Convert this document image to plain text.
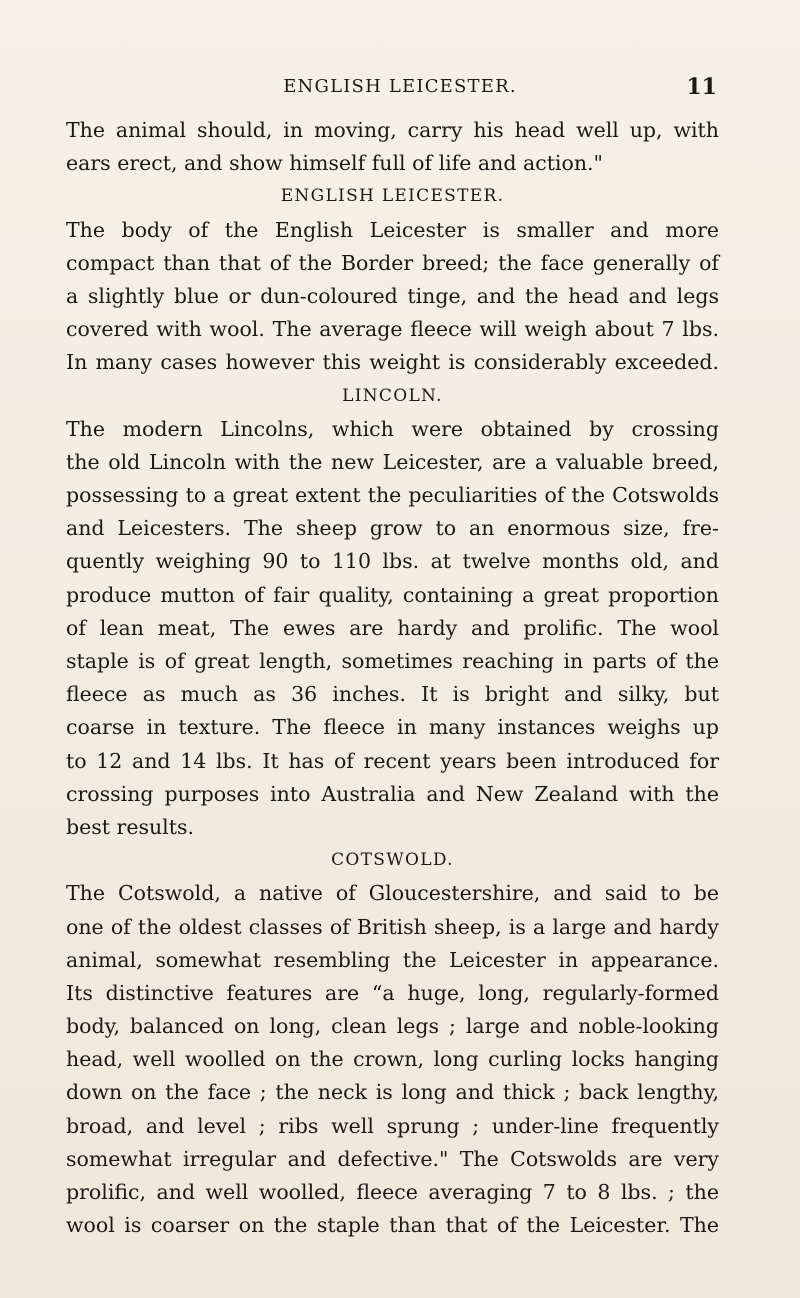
ENGLISH LEICESTER.	11
The animal should, in moving, carry his head well up, with
ears erect, and show himself full of life and action."
ENGLISH LEICESTER.
The body of the English Leicester is smaller and more
compact than that of the Border breed; the face generally of
a slightly blue or dun-coloured tinge, and the head and legs
covered with wool. The average fleece will weigh about 7 lbs.
In many cases however this weight is considerably exceeded.
LINCOLN.
The modern Lincolns, which were obtained by crossing
the old Lincoln with the new Leicester, are a valuable breed,
possessing to a great extent the peculiarities of the Cotswolds
and Leicesters. The sheep grow to an enormous size, fre-
quently weighing 90 to 110 lbs. at twelve months old, and
produce mutton of fair quality, containing a great proportion
of lean meat, The ewes are hardy and prolific. The wool
staple is of great length, sometimes reaching in parts of the
fleece as much as 36 inches. It is bright and silky, but
coarse in texture. The fleece in many instances weighs up
to 12 and 14 lbs. It has of recent years been introduced for
crossing purposes into Australia and New Zealand with the
best results.
COTSWOLD.
The Cotswold, a native of Gloucestershire, and said to be
one of the oldest classes of British sheep, is a large and hardy
animal, somewhat resembling the Leicester in appearance.
Its distinctive features are “a huge, long, regularly-formed
body, balanced on long, clean legs ; large and noble-looking
head, well woolled on the crown, long curling locks hanging
down on the face ; the neck is long and thick ; back lengthy,
broad, and level ; ribs well sprung ; under-line frequently
somewhat irregular and defective." The Cotswolds are very
prolific, and well woolled, fleece averaging 7 to 8 lbs. ; the
wool is coarser on the staple than that of the Leicester. The
